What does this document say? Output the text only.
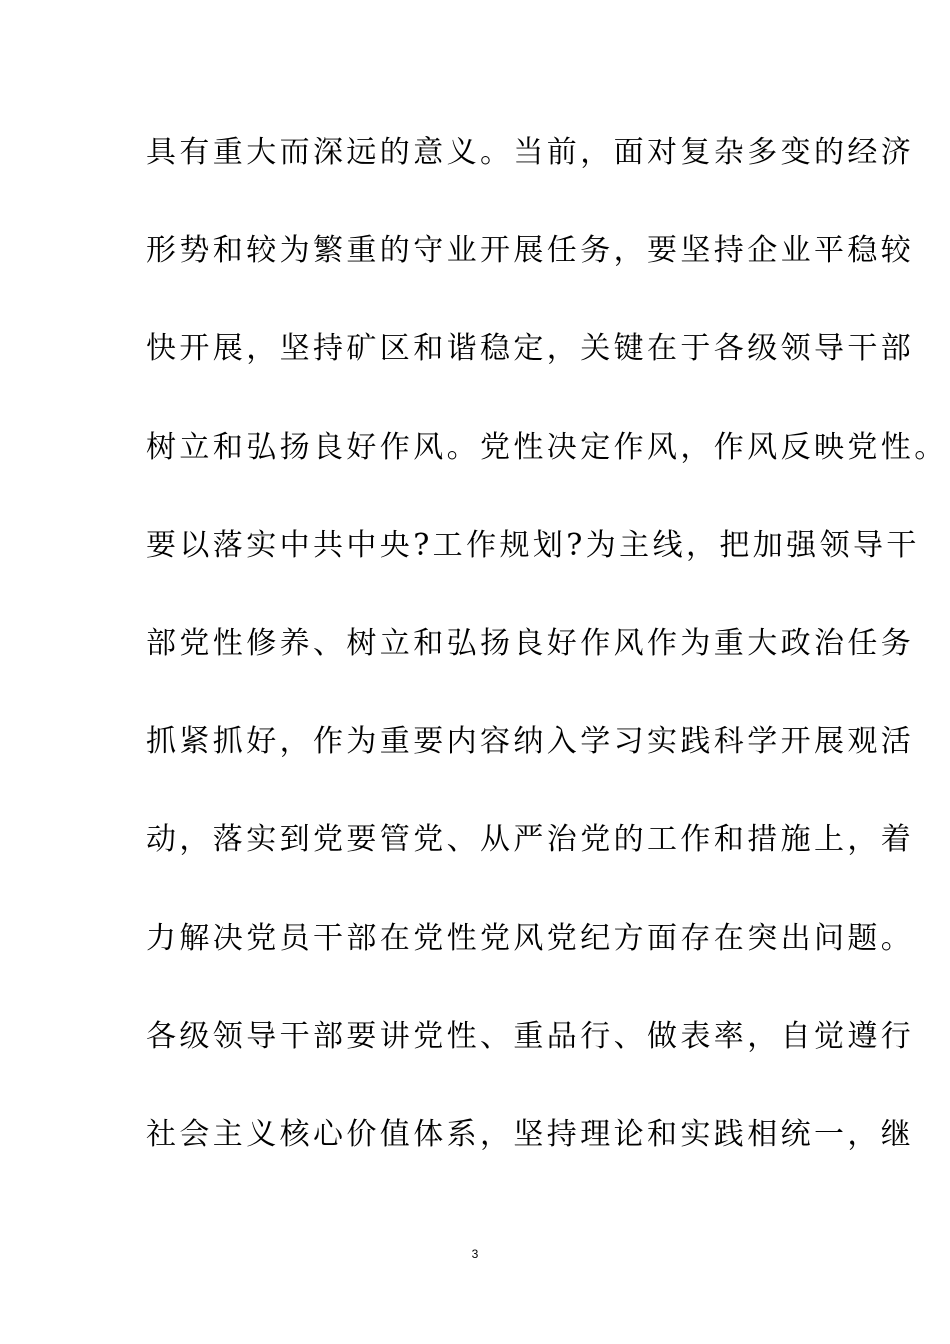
具有重大而深远的意义。当前，面对复杂多变的经济
形势和较为繁重的守业开展任务，要坚持企业平稳较
快开展，坚持矿区和谐稳定，关键在于各级领导干部
树立和弘扬良好作风。党性决定作风，作风反映党性。
要以落实中共中央?工作规划?为主线，把加强领导干
部党性修养、树立和弘扬良好作风作为重大政治任务
抓紧抓好，作为重要内容纳入学习实践科学开展观活
动，落实到党要管党、从严治党的工作和措施上，着
力解决党员干部在党性党风党纪方面存在突出问题。
各级领导干部要讲党性、重品行、做表率，自觉遵行
社会主义核心价值体系，坚持理论和实践相统一，继
3
